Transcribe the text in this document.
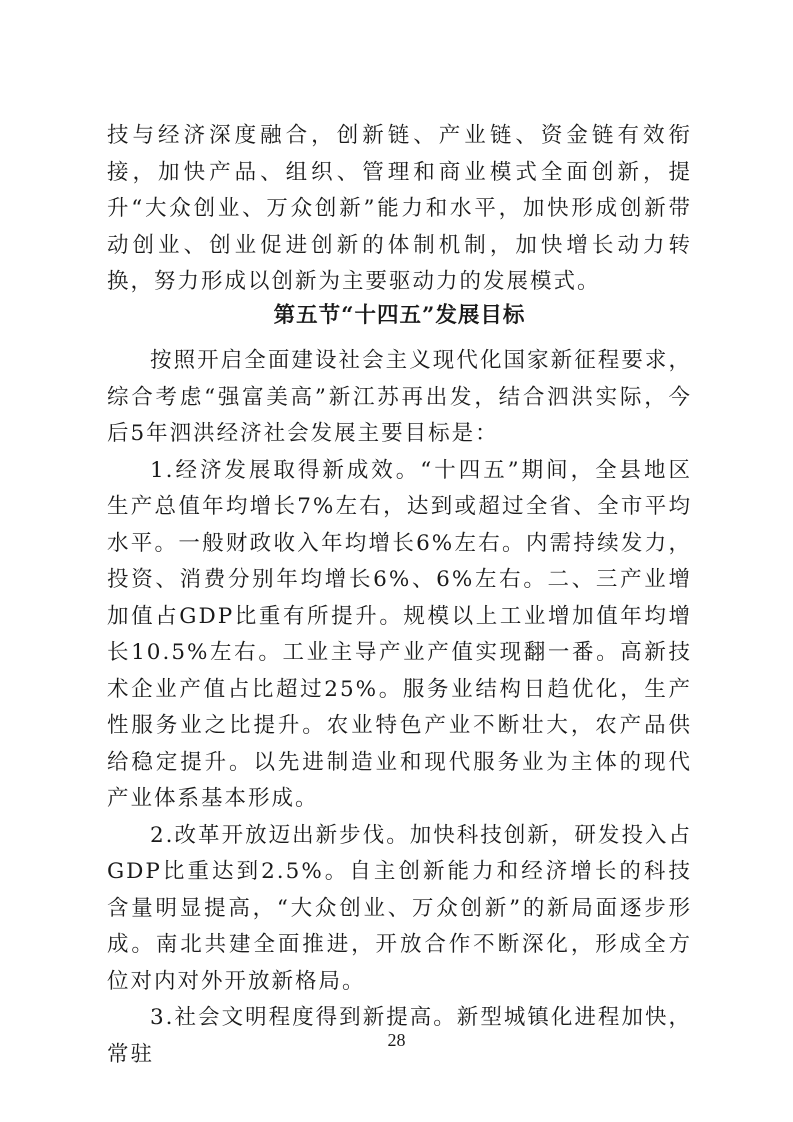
技与经济深度融合，创新链、产业链、资金链有效衔接，加快产品、组织、管理和商业模式全面创新，提升“大众创业、万众创新”能力和水平，加快形成创新带动创业、创业促进创新的体制机制，加快增长动力转换，努力形成以创新为主要驱动力的发展模式。

第五节“十四五”发展目标

按照开启全面建设社会主义现代化国家新征程要求，综合考虑“强富美高”新江苏再出发，结合泗洪实际，今后5年泗洪经济社会发展主要目标是：

1.经济发展取得新成效。“十四五”期间，全县地区生产总值年均增长7%左右，达到或超过全省、全市平均水平。一般财政收入年均增长6%左右。内需持续发力，投资、消费分别年均增长6%、6%左右。二、三产业增加值占GDP比重有所提升。规模以上工业增加值年均增长10.5%左右。工业主导产业产值实现翻一番。高新技术企业产值占比超过25%。服务业结构日趋优化，生产性服务业之比提升。农业特色产业不断壮大，农产品供给稳定提升。以先进制造业和现代服务业为主体的现代产业体系基本形成。

2.改革开放迈出新步伐。加快科技创新，研发投入占GDP比重达到2.5%。自主创新能力和经济增长的科技含量明显提高，“大众创业、万众创新”的新局面逐步形成。南北共建全面推进，开放合作不断深化，形成全方位对内对外开放新格局。

3.社会文明程度得到新提高。新型城镇化进程加快，常驻

28
